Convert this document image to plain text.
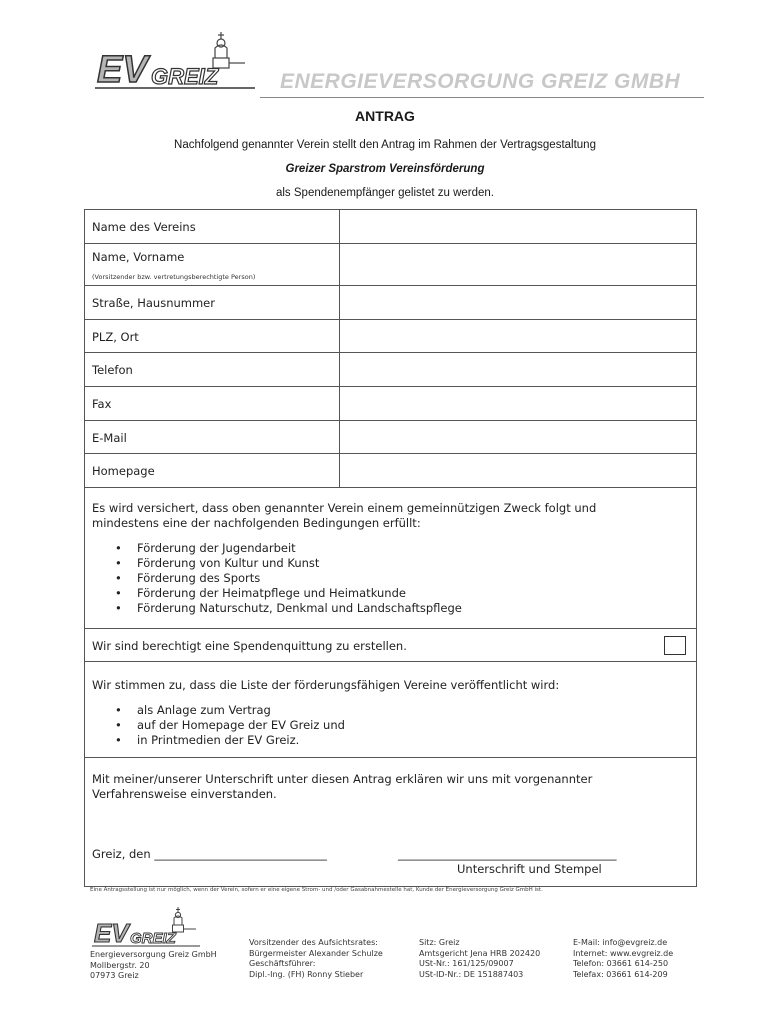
EV GREIZ	ENERGIEVERSORGUNG GREIZ GMBH
ANTRAG
Nachfolgend genannter Verein stellt den Antrag im Rahmen der Vertragsgestaltung
Greizer Sparstrom Vereinsförderung
als Spendenempfänger gelistet zu werden.
Name des Vereins
Name, Vorname
(Vorsitzender bzw. vertretungsberechtigte Person)
Straße, Hausnummer
PLZ, Ort
Telefon
Fax
E-Mail
Homepage
Es wird versichert, dass oben genannter Verein einem gemeinnützigen Zweck folgt und
mindestens eine der nachfolgenden Bedingungen erfüllt:
• Förderung der Jugendarbeit
• Förderung von Kultur und Kunst
• Förderung des Sports
• Förderung der Heimatpflege und Heimatkunde
• Förderung Naturschutz, Denkmal und Landschaftspflege
Wir sind berechtigt eine Spendenquittung zu erstellen.
Wir stimmen zu, dass die Liste der förderungsfähigen Vereine veröffentlicht wird:
• als Anlage zum Vertrag
• auf der Homepage der EV Greiz und
• in Printmedien der EV Greiz.
Mit meiner/unserer Unterschrift unter diesen Antrag erklären wir uns mit vorgenannter
Verfahrensweise einverstanden.
Greiz, den ______________________________	______________________________________
Unterschrift und Stempel
Eine Antragsstellung ist nur möglich, wenn der Verein, sofern er eine eigene Strom- und /oder Gasabnahmestelle hat, Kunde der Energieversorgung Greiz GmbH ist.
EV GREIZ
Energieversorgung Greiz GmbH
Mollbergstr. 20
07973 Greiz
Vorsitzender des Aufsichtsrates:
Bürgermeister Alexander Schulze
Geschäftsführer:
Dipl.-Ing. (FH) Ronny Stieber
Sitz: Greiz
Amtsgericht Jena HRB 202420
USt-Nr.: 161/125/09007
USt-ID-Nr.: DE 151887403
E-Mail: info@evgreiz.de
Internet: www.evgreiz.de
Telefon: 03661 614-250
Telefax: 03661 614-209
